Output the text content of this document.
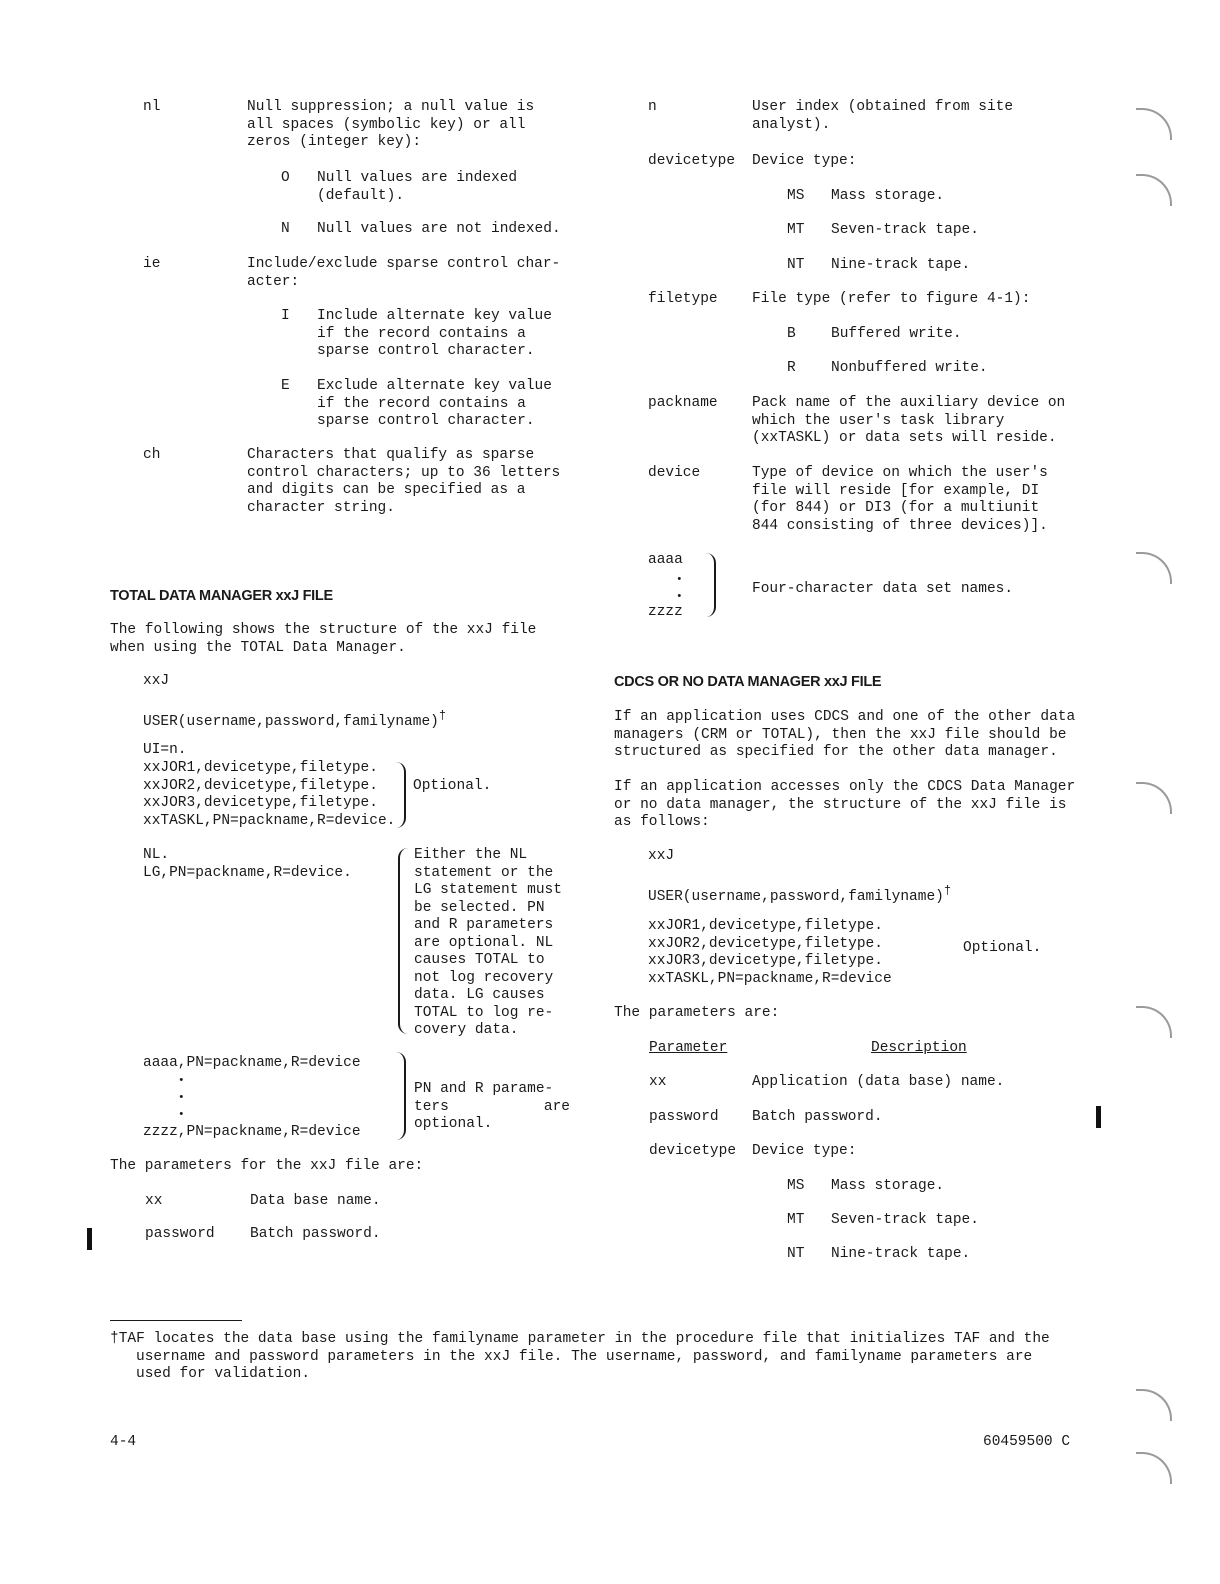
nl	Null suppression; a null value is
all spaces (symbolic key) or all
zeros (integer key):
O Null values are indexed
(default).
N Null values are not indexed.
ie	Include/exclude sparse control char-
acter:
I Include alternate key value
if the record contains a
sparse control character.
E Exclude alternate key value
if the record contains a
sparse control character.
ch	Characters that qualify as sparse
control characters; up to 36 letters
and digits can be specified as a
character string.
TOTAL DATA MANAGER xxJ FILE
The following shows the structure of the xxJ file
when using the TOTAL Data Manager.
xxJ
USER(username,password,familyname)†
UI=n.
xxJOR1,devicetype,filetype.
xxJOR2,devicetype,filetype.
xxJOR3,devicetype,filetype.
xxTASKL,PN=packname,R=device.
Optional.
NL.
LG,PN=packname,R=device.
Either the NL
statement or the
LG statement must
be selected. PN
and R parameters
are optional. NL
causes TOTAL to
not log recovery
data. LG causes
TOTAL to log re-
covery data.
aaaa,PN=packname,R=device
•
•
•
zzzz,PN=packname,R=device
PN and R parame-
ters are optional.
The parameters for the xxJ file are:
xx	Data base name.
password Batch password.
n	User index (obtained from site
analyst).
devicetype Device type:
MS Mass storage.
MT Seven-track tape.
NT Nine-track tape.
filetype File type (refer to figure 4-1):
B Buffered write.
R Nonbuffered write.
packname Pack name of the auxiliary device on
which the user's task library
(xxTASKL) or data sets will reside.
device	Type of device on which the user's
file will reside [for example, DI
(for 844) or DI3 (for a multiunit
844 consisting of three devices)].
aaaa
•
•
zzzz
Four-character data set names.
CDCS OR NO DATA MANAGER xxJ FILE
If an application uses CDCS and one of the other data
managers (CRM or TOTAL), then the xxJ file should be
structured as specified for the other data manager.
If an application accesses only the CDCS Data Manager
or no data manager, the structure of the xxJ file is
as follows:
xxJ
USER(username,password,familyname)†
xxJOR1,devicetype,filetype.
xxJOR2,devicetype,filetype.
xxJOR3,devicetype,filetype.
xxTASKL,PN=packname,R=device
Optional.
The parameters are:
Parameter	Description
xx	Application (data base) name.
password Batch password.
devicetype Device type:
MS Mass storage.
MT Seven-track tape.
NT Nine-track tape.
†TAF locates the data base using the familyname parameter in the procedure file that initializes TAF and the
username and password parameters in the xxJ file. The username, password, and familyname parameters are
used for validation.
4-4	60459500 C
